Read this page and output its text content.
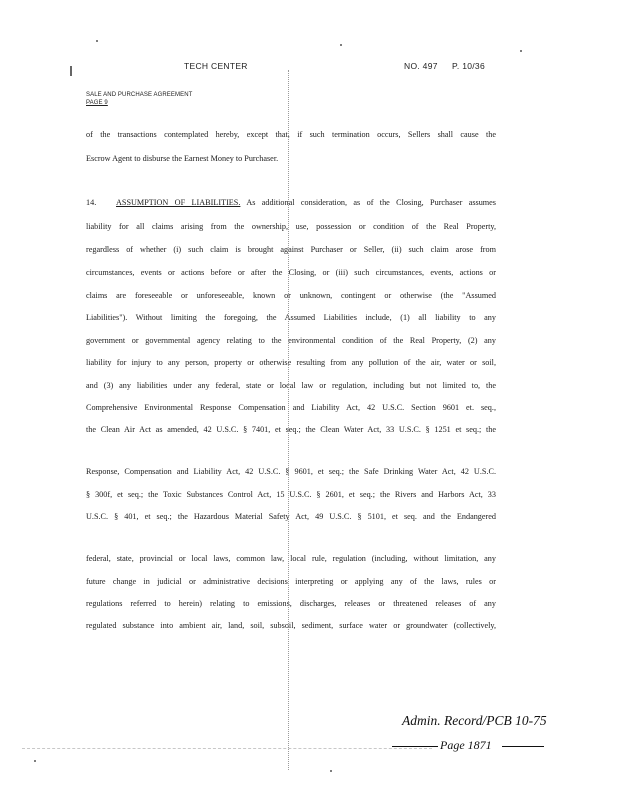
TECH CENTER	NO. 497 P. 10/36
SALE AND PURCHASE AGREEMENT
PAGE 9
of the transactions contemplated hereby, except that, if such termination occurs, Sellers shall cause the
Escrow Agent to disburse the Earnest Money to Purchaser.
14. ASSUMPTION OF LIABILITIES. As additional consideration, as of the Closing, Purchaser assumes
liability for all claims arising from the ownership, use, possession or condition of the Real Property,
regardless of whether (i) such claim is brought against Purchaser or Seller, (ii) such claim arose from
circumstances, events or actions before or after the Closing, or (iii) such circumstances, events, actions or
claims are foreseeable or unforeseeable, known or unknown, contingent or otherwise (the "Assumed
Liabilities"). Without limiting the foregoing, the Assumed Liabilities include, (1) all liability to any
government or governmental agency relating to the environmental condition of the Real Property, (2) any
liability for injury to any person, property or otherwise resulting from any pollution of the air, water or soil,
and (3) any liabilities under any federal, state or local law or regulation, including but not limited to, the
Comprehensive Environmental Response Compensation and Liability Act, 42 U.S.C. Section 9601 et. seq.,
the Clean Air Act as amended, 42 U.S.C. § 7401, et seq.; the Clean Water Act, 33 U.S.C. § 1251 et seq.; the
Response, Compensation and Liability Act, 42 U.S.C. § 9601, et seq.; the Safe Drinking Water Act, 42 U.S.C.
§ 300f, et seq.; the Toxic Substances Control Act, 15 U.S.C. § 2601, et seq.; the Rivers and Harbors Act, 33
U.S.C. § 401, et seq.; the Hazardous Material Safety Act, 49 U.S.C. § 5101, et seq. and the Endangered
federal, state, provincial or local laws, common law, local rule, regulation (including, without limitation, any
future change in judicial or administrative decisions interpreting or applying any of the laws, rules or
regulations referred to herein) relating to emissions, discharges, releases or threatened releases of any
regulated substance into ambient air, land, soil, subsoil, sediment, surface water or groundwater (collectively,
Admin. Record/PCB 10-75
Page 1871
